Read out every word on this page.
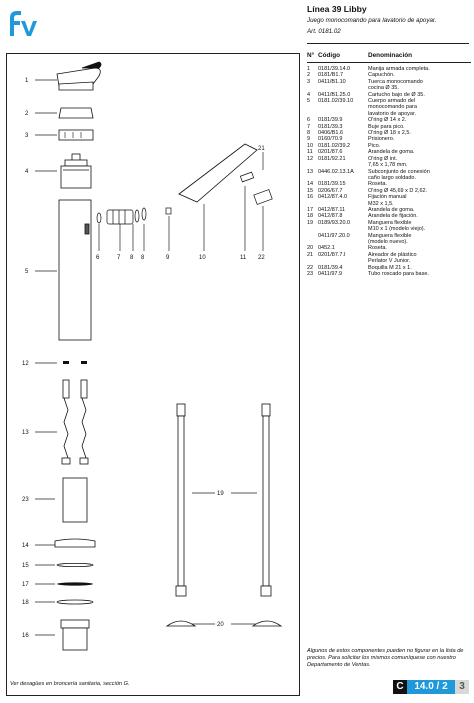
fv	Línea 39 Libby
Juego monocomando para lavatorio de apoyar.
Art. 0181.02
1
2
3
4
5
6	7 8 8	9	10	11 22
21
12
13
23
14
15
17
18
16
19
20
Ver desagües en broncería sanitaria, sección G.
N° Código	Denominación
1	0181/39.14.0	Manija armada completa.
2	0181/B1.7	Capuchón.
3	0411/B1.10	Tuerca monocomando
cocina Ø 35.
4	0411/B1.25.0	Cartucho bajo de Ø 35.
5	0181.02/39.10	Cuerpo armado del
monocomando para
lavatorio de apoyar.
6	0181/39.9	O'ring Ø 14 x 2.
7	0181/39.3	Buje para pico.
8	0406/B1.6	O'ring Ø 18 x 2,5.
9	0160/70.9	Prisionero.
10 0181.02/39.2	Pico.
11 0201/87.6	Arandela de goma.
12 0181/92.21	O'ring Ø int.
7,65 x 1,78 mm.
13 0446.02.13.1A	Subconjunto de conexión
caño largo soldado.
14 0181/39.15	Roseta.
15 0206/67.7	O'ring Ø 45,69 x D 2,62.
16 0412/87.4.0	Fijación manual
M32 x 1,5.
17 0412/87.11	Arandela de goma.
18 0412/87.8	Arandela de fijación.
19 0189/93.20.0	Manguera flexible
M10 x 1 (modelo viejo).
0411/97.20.0	Manguera flexible
(modelo nuevo).
20 0452.1	Roseta.
21 0201/87.7.I	Aireador de plástico
Perlator V Junior.
22 0181/39.4	Boquilla M 21 x 1.
23 0411/97.9	Tubo roscado para base.
Algunos de estos componentes pueden no figurar en la lista de precios. Para solicitar los mismos comuníquese con nuestro Departamento de Ventas.
C	14.0 / 2	3
